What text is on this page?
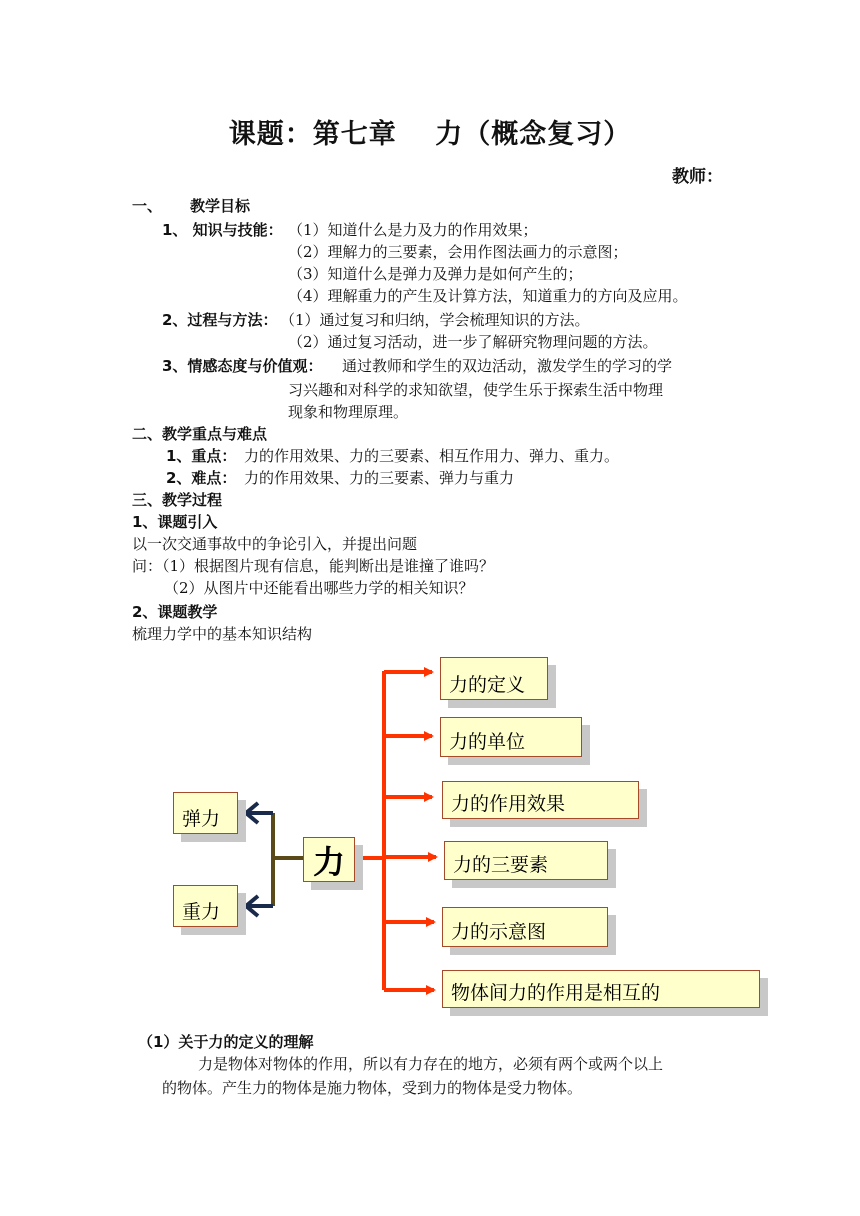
课题：第七章　 力（概念复习）
教师：
一、 教学目标
1、 知识与技能： （1）知道什么是力及力的作用效果；
（2）理解力的三要素，会用作图法画力的示意图；
（3）知道什么是弹力及弹力是如何产生的；
（4）理解重力的产生及计算方法，知道重力的方向及应用。
2、过程与方法： （1）通过复习和归纳，学会梳理知识的方法。
（2）通过复习活动，进一步了解研究物理问题的方法。
3、情感态度与价值观： 通过教师和学生的双边活动，激发学生的学习的学
习兴趣和对科学的求知欲望，使学生乐于探索生活中物理
现象和物理原理。
二、教学重点与难点
1、重点： 力的作用效果、力的三要素、相互作用力、弹力、重力。
2、难点： 力的作用效果、力的三要素、弹力与重力
三、教学过程
1、课题引入
以一次交通事故中的争论引入，并提出问题
问：（1）根据图片现有信息，能判断出是谁撞了谁吗？
（2）从图片中还能看出哪些力学的相关知识？
2、课题教学
梳理力学中的基本知识结构
力
弹力
重力
力的定义
力的单位
力的作用效果
力的三要素
力的示意图
物体间力的作用是相互的
（1）关于力的定义的理解
力是物体对物体的作用，所以有力存在的地方，必须有两个或两个以上
的物体。产生力的物体是施力物体，受到力的物体是受力物体。
